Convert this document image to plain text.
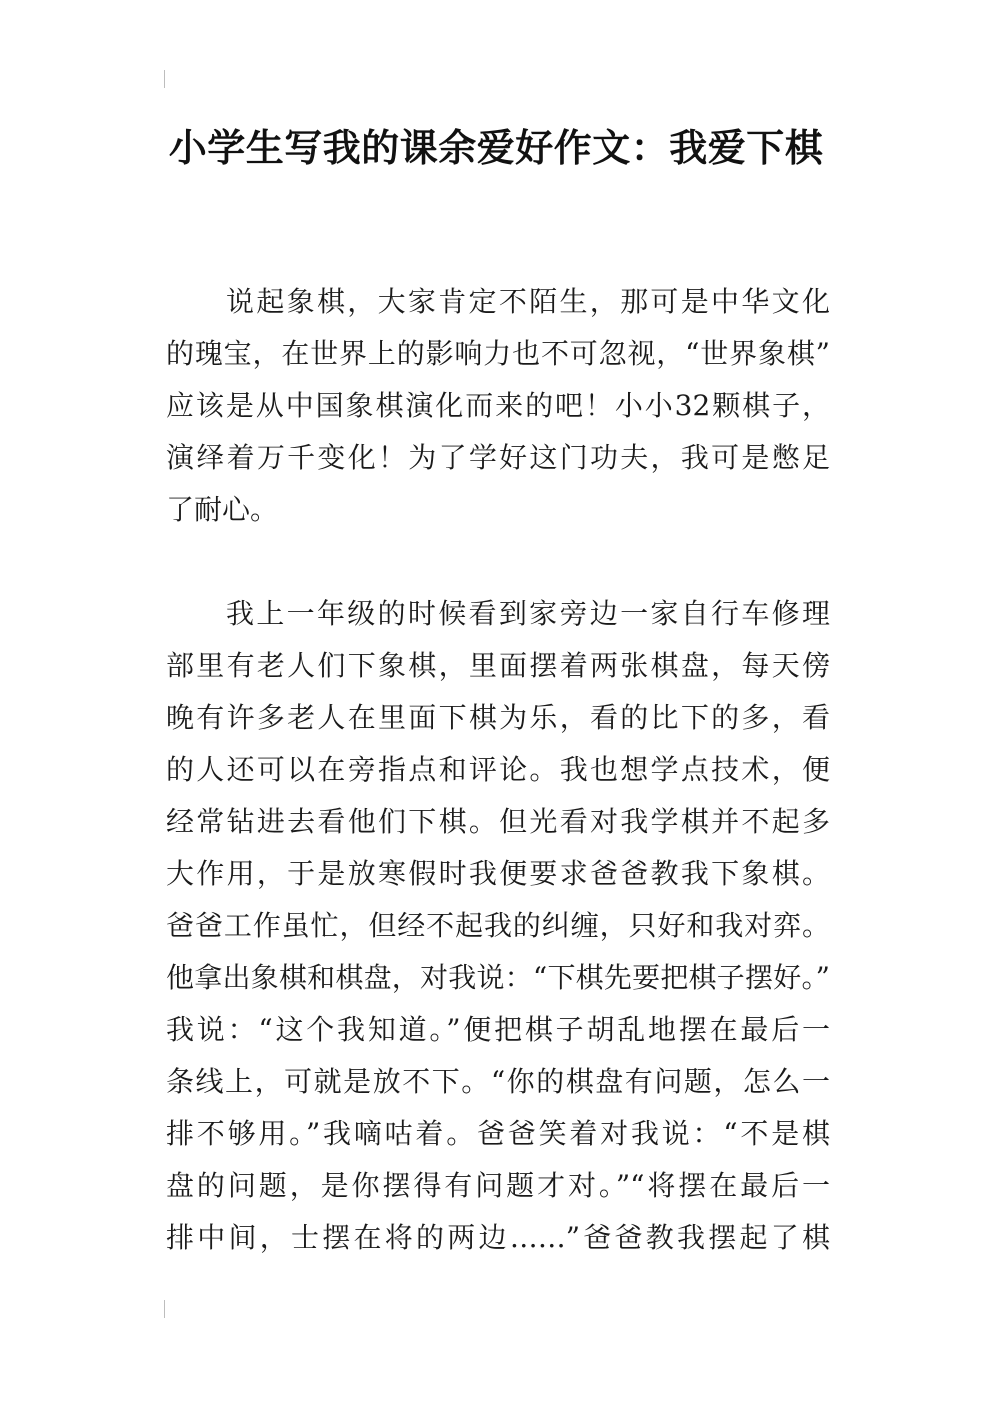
小学生写我的课余爱好作文：我爱下棋
说起象棋，大家肯定不陌生，那可是中华文化
的瑰宝，在世界上的影响力也不可忽视，“世界象棋”
应该是从中国象棋演化而来的吧！小小32颗棋子，
演绎着万千变化！为了学好这门功夫，我可是憋足
了耐心。
我上一年级的时候看到家旁边一家自行车修理
部里有老人们下象棋，里面摆着两张棋盘，每天傍
晚有许多老人在里面下棋为乐，看的比下的多，看
的人还可以在旁指点和评论。我也想学点技术，便
经常钻进去看他们下棋。但光看对我学棋并不起多
大作用，于是放寒假时我便要求爸爸教我下象棋。
爸爸工作虽忙，但经不起我的纠缠，只好和我对弈。
他拿出象棋和棋盘，对我说：“下棋先要把棋子摆好。”
我说：“这个我知道。”便把棋子胡乱地摆在最后一
条线上，可就是放不下。“你的棋盘有问题，怎么一
排不够用。”我嘀咕着。爸爸笑着对我说：“不是棋
盘的问题，是你摆得有问题才对。”“将摆在最后一
排中间，士摆在将的两边……”爸爸教我摆起了棋
